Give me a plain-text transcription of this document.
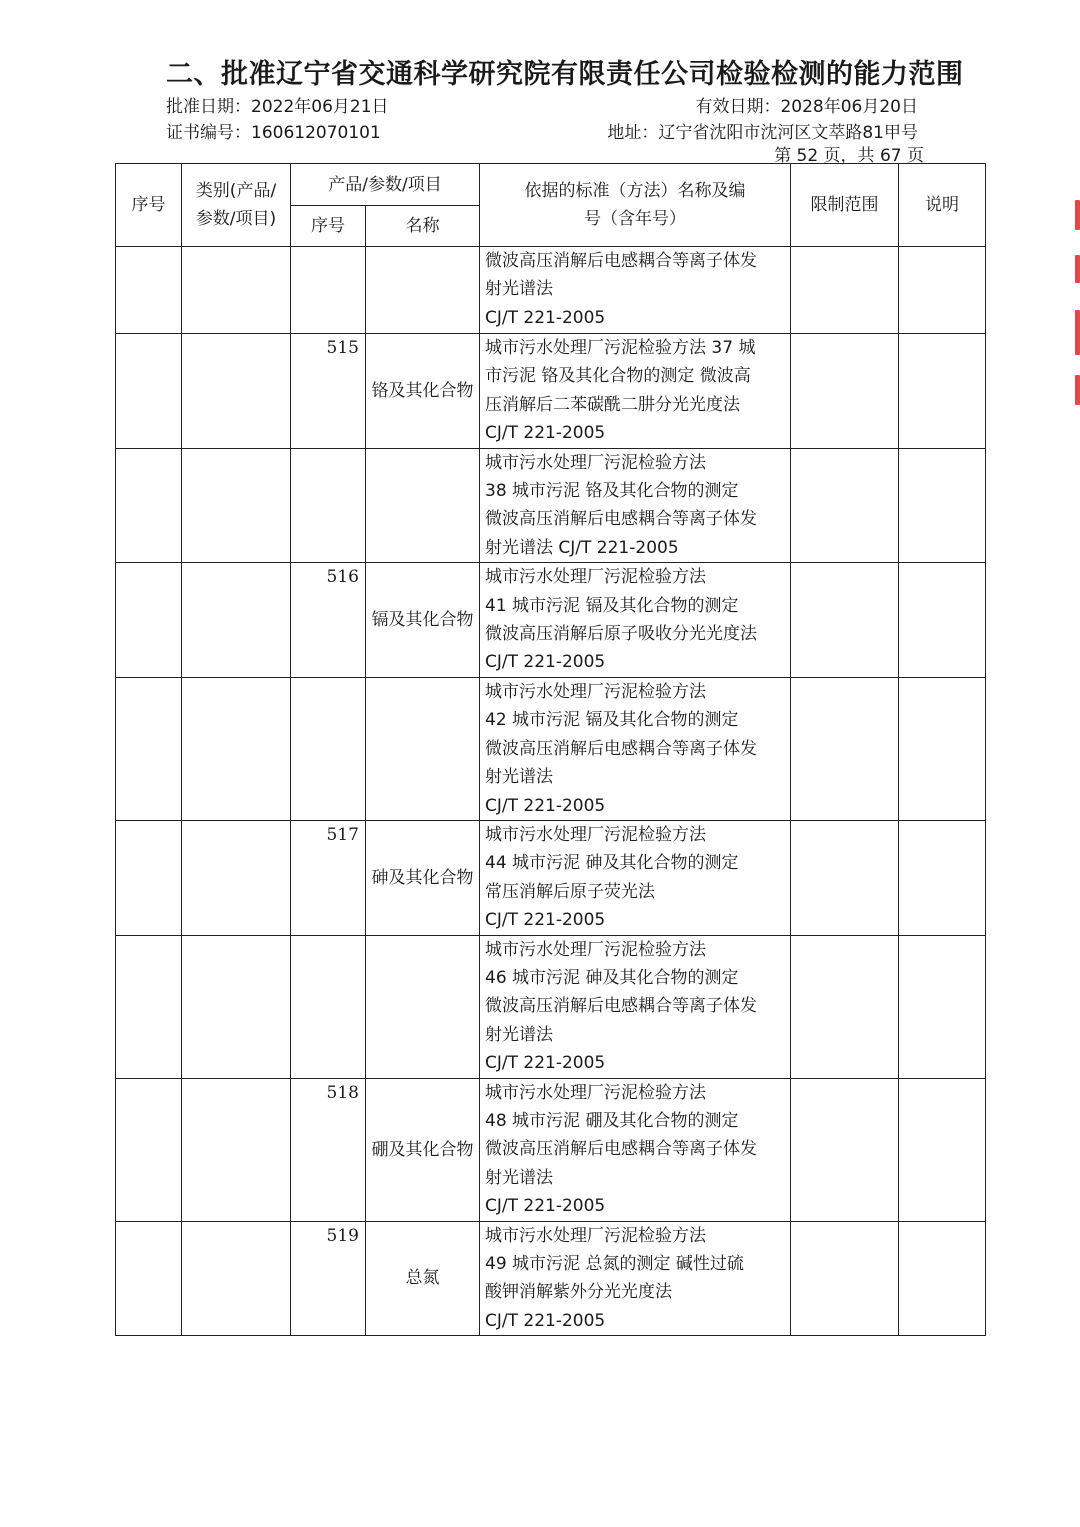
二、批准辽宁省交通科学研究院有限责任公司检验检测的能力范围
批准日期：2022年06月21日
证书编号：160612070101
有效日期：2028年06月20日
地址：辽宁省沈阳市沈河区文萃路81甲号
第 52 页，共 67 页
序号	类别(产品/参数/项目)	产品/参数/项目		依据的标准（方法）名称及编号（含年号）	限制范围	说明
		序号	名称			

				微波高压消解后电感耦合等离子体发
射光谱法
CJ/T 221-2005		

		515	铬及其化合物	城市污水处理厂污泥检验方法 37 城
市污泥 铬及其化合物的测定 微波高
压消解后二苯碳酰二肼分光光度法
CJ/T 221-2005		

				城市污水处理厂污泥检验方法
38 城市污泥 铬及其化合物的测定
微波高压消解后电感耦合等离子体发
射光谱法 CJ/T 221-2005		

		516	镉及其化合物	城市污水处理厂污泥检验方法
41 城市污泥 镉及其化合物的测定
微波高压消解后原子吸收分光光度法
CJ/T 221-2005		

				城市污水处理厂污泥检验方法
42 城市污泥 镉及其化合物的测定
微波高压消解后电感耦合等离子体发
射光谱法
CJ/T 221-2005		

		517	砷及其化合物	城市污水处理厂污泥检验方法
44 城市污泥 砷及其化合物的测定
常压消解后原子荧光法
CJ/T 221-2005		

				城市污水处理厂污泥检验方法
46 城市污泥 砷及其化合物的测定
微波高压消解后电感耦合等离子体发
射光谱法
CJ/T 221-2005		

		518	硼及其化合物	城市污水处理厂污泥检验方法
48 城市污泥 硼及其化合物的测定
微波高压消解后电感耦合等离子体发
射光谱法
CJ/T 221-2005		

		519	总氮	城市污水处理厂污泥检验方法
49 城市污泥 总氮的测定 碱性过硫
酸钾消解紫外分光光度法
CJ/T 221-2005		
